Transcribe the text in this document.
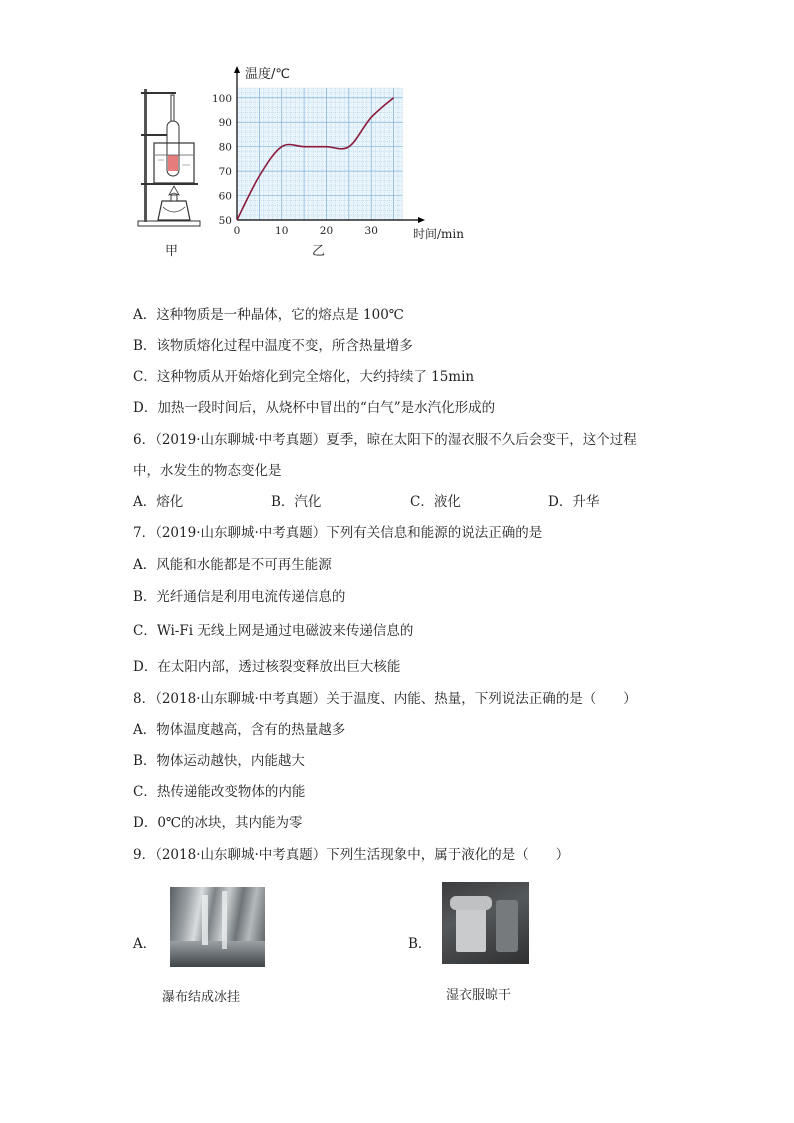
甲
50
60
70
80
90
100
0	10	20	30
温度/℃
时间/min
乙
A．这种物质是一种晶体，它的熔点是 100℃
B．该物质熔化过程中温度不变，所含热量增多
C．这种物质从开始熔化到完全熔化，大约持续了 15min
D．加热一段时间后，从烧杯中冒出的“白气”是水汽化形成的
6．（2019·山东聊城·中考真题）夏季，晾在太阳下的湿衣服不久后会变干，这个过程
中，水发生的物态变化是
A．熔化	B．汽化	C．液化	D．升华
7．（2019·山东聊城·中考真题）下列有关信息和能源的说法正确的是
A．风能和水能都是不可再生能源
B．光纤通信是利用电流传递信息的
C．Wi-Fi 无线上网是通过电磁波来传递信息的
D．在太阳内部，透过核裂变释放出巨大核能
8．（2018·山东聊城·中考真题）关于温度、内能、热量，下列说法正确的是（　　）
A．物体温度越高，含有的热量越多
B．物体运动越快，内能越大
C．热传递能改变物体的内能
D．0℃的冰块，其内能为零
9．（2018·山东聊城·中考真题）下列生活现象中，属于液化的是（　　）
A．
瀑布结成冰挂
B．
湿衣服晾干
